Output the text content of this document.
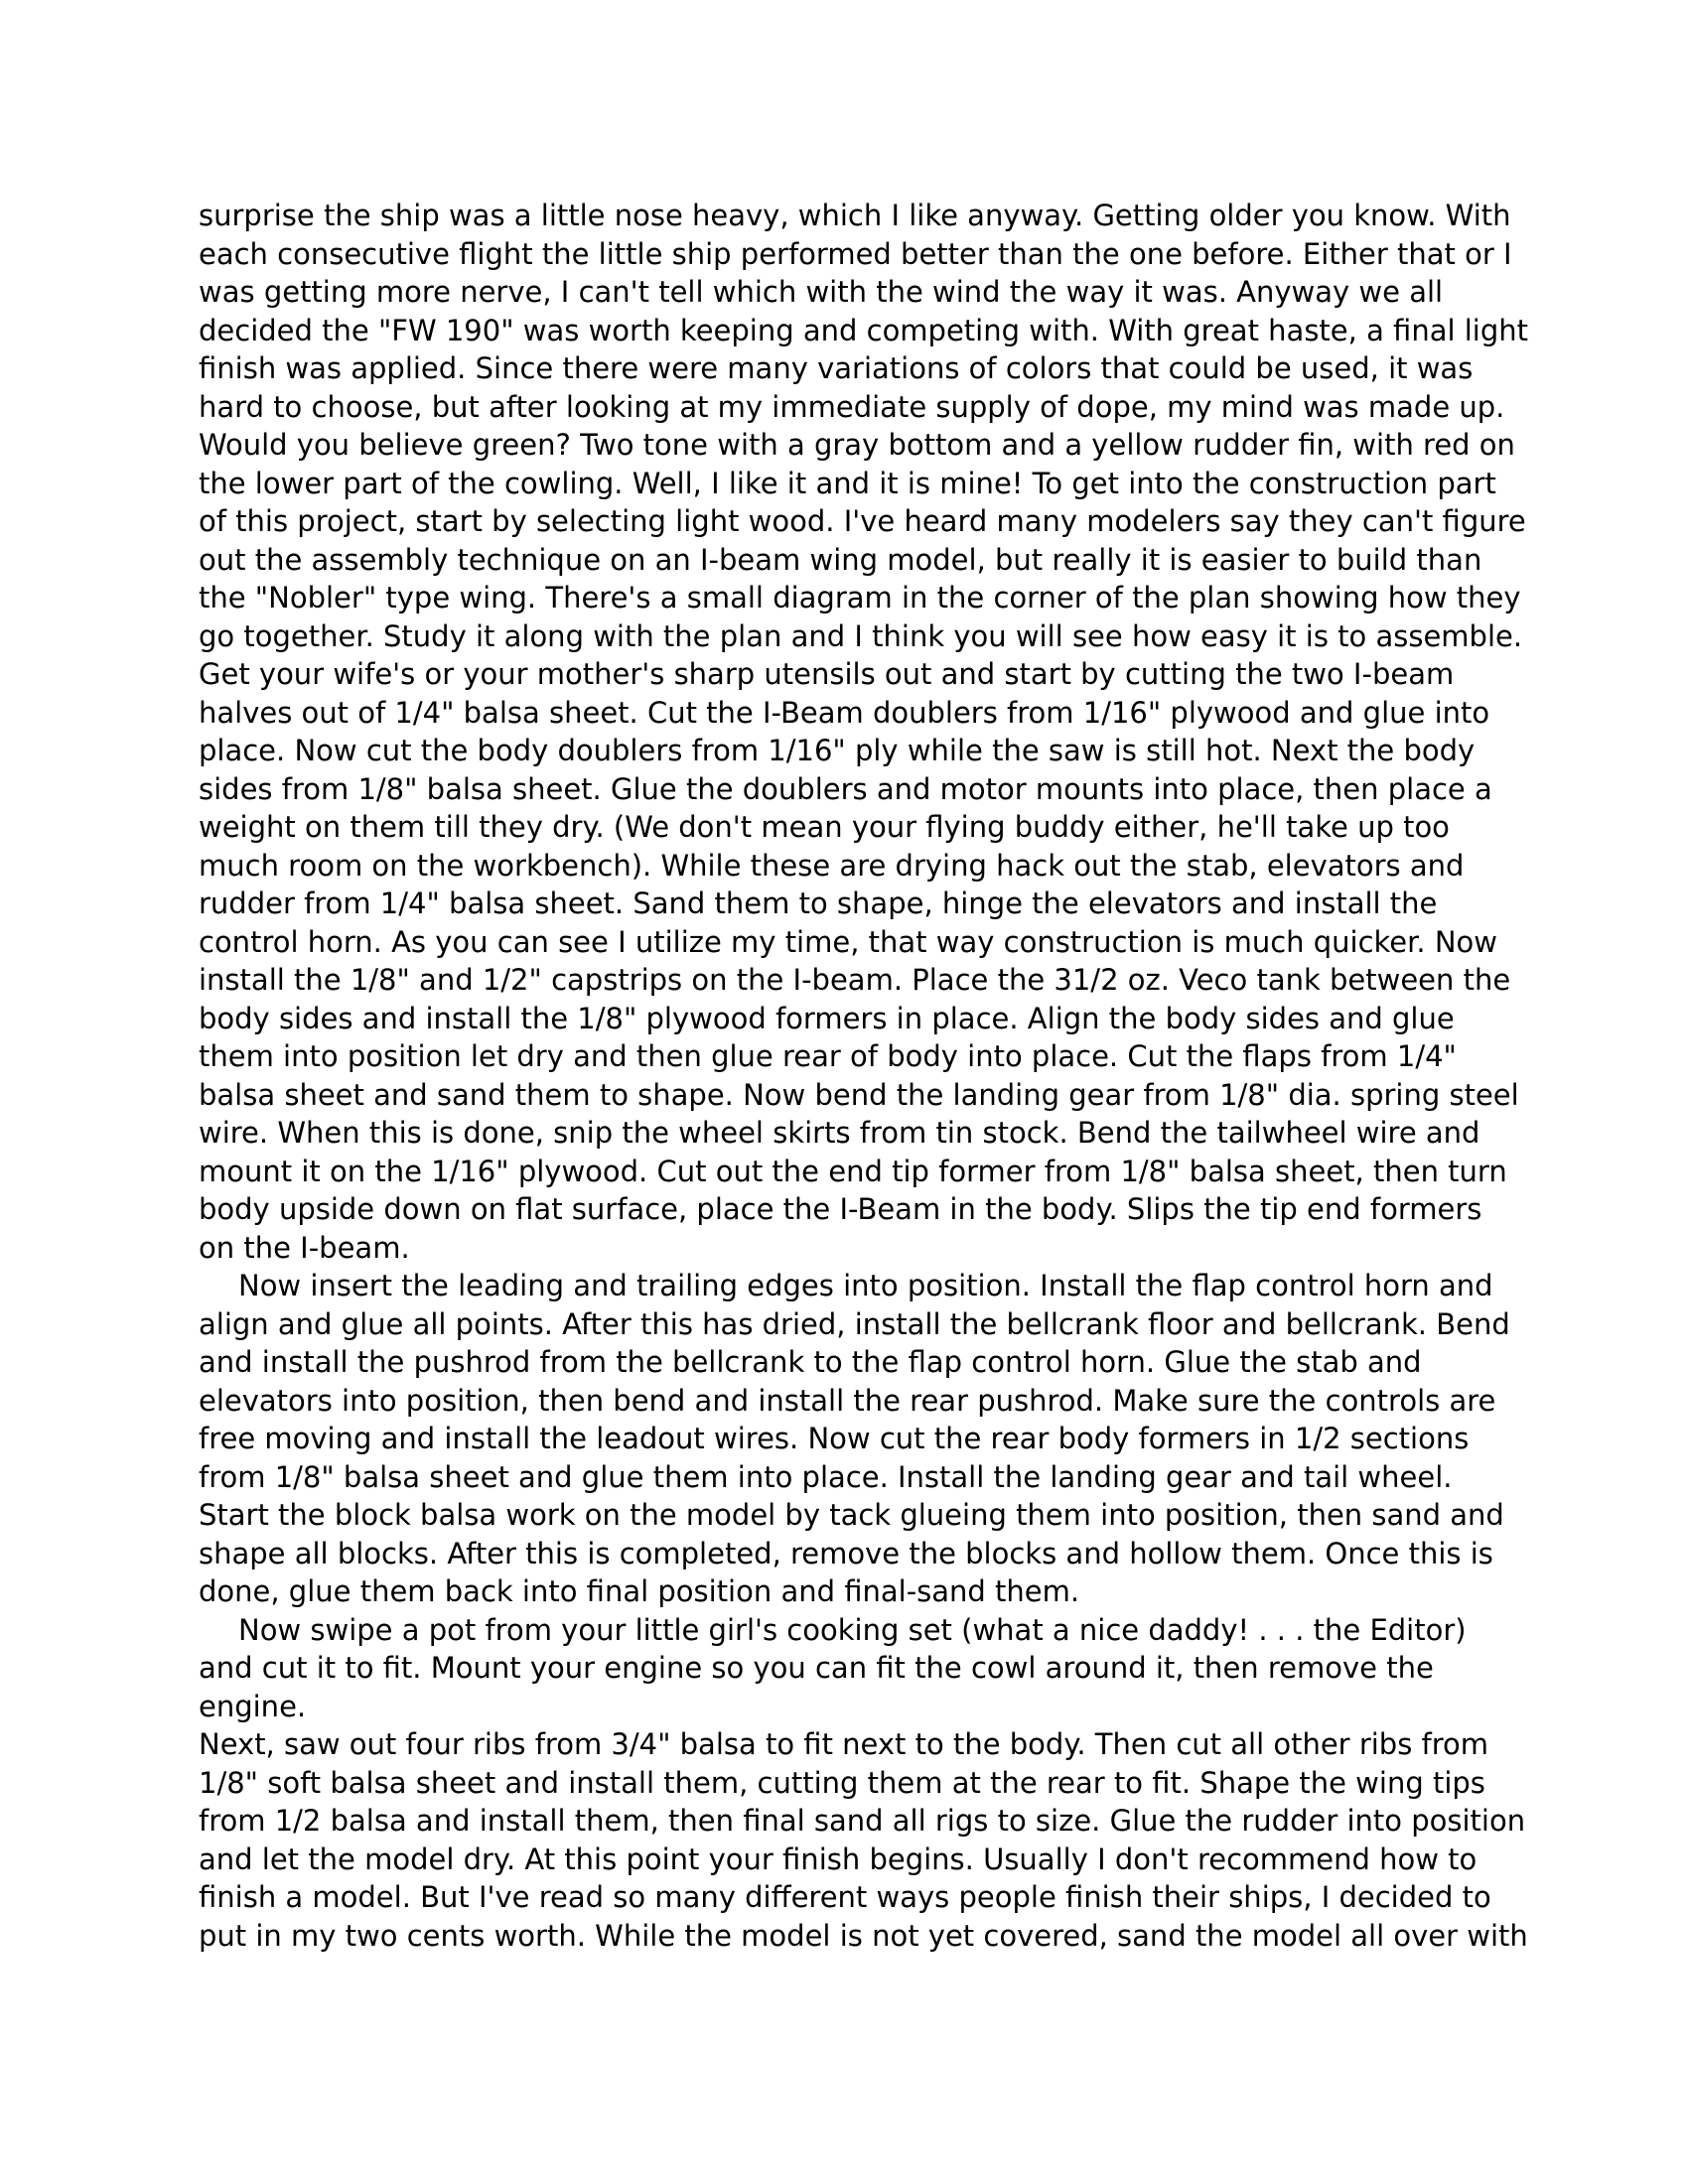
surprise the ship was a little nose heavy, which I like anyway. Getting older you know. With
each consecutive flight the little ship performed better than the one before. Either that or I
was getting more nerve, I can't tell which with the wind the way it was. Anyway we all
decided the "FW 190" was worth keeping and competing with. With great haste, a final light
finish was applied. Since there were many variations of colors that could be used, it was
hard to choose, but after looking at my immediate supply of dope, my mind was made up.
Would you believe green? Two tone with a gray bottom and a yellow rudder fin, with red on
the lower part of the cowling. Well, I like it and it is mine! To get into the construction part
of this project, start by selecting light wood. I've heard many modelers say they can't figure
out the assembly technique on an I-beam wing model, but really it is easier to build than
the "Nobler" type wing. There's a small diagram in the corner of the plan showing how they
go together. Study it along with the plan and I think you will see how easy it is to assemble.
Get your wife's or your mother's sharp utensils out and start by cutting the two I-beam
halves out of 1/4" balsa sheet. Cut the I-Beam doublers from 1/16" plywood and glue into
place. Now cut the body doublers from 1/16" ply while the saw is still hot. Next the body
sides from 1/8" balsa sheet. Glue the doublers and motor mounts into place, then place a
weight on them till they dry. (We don't mean your flying buddy either, he'll take up too
much room on the workbench). While these are drying hack out the stab, elevators and
rudder from 1/4" balsa sheet. Sand them to shape, hinge the elevators and install the
control horn. As you can see I utilize my time, that way construction is much quicker. Now
install the 1/8" and 1/2" capstrips on the I-beam. Place the 31/2 oz. Veco tank between the
body sides and install the 1/8" plywood formers in place. Align the body sides and glue
them into position let dry and then glue rear of body into place. Cut the flaps from 1/4"
balsa sheet and sand them to shape. Now bend the landing gear from 1/8" dia. spring steel
wire. When this is done, snip the wheel skirts from tin stock. Bend the tailwheel wire and
mount it on the 1/16" plywood. Cut out the end tip former from 1/8" balsa sheet, then turn
body upside down on flat surface, place the I-Beam in the body. Slips the tip end formers
on the I-beam.
Now insert the leading and trailing edges into position. Install the flap control horn and
align and glue all points. After this has dried, install the bellcrank floor and bellcrank. Bend
and install the pushrod from the bellcrank to the flap control horn. Glue the stab and
elevators into position, then bend and install the rear pushrod. Make sure the controls are
free moving and install the leadout wires. Now cut the rear body formers in 1/2 sections
from 1/8" balsa sheet and glue them into place. Install the landing gear and tail wheel.
Start the block balsa work on the model by tack glueing them into position, then sand and
shape all blocks. After this is completed, remove the blocks and hollow them. Once this is
done, glue them back into final position and final-sand them.
Now swipe a pot from your little girl's cooking set (what a nice daddy! . . . the Editor)
and cut it to fit. Mount your engine so you can fit the cowl around it, then remove the
engine.
Next, saw out four ribs from 3/4" balsa to fit next to the body. Then cut all other ribs from
1/8" soft balsa sheet and install them, cutting them at the rear to fit. Shape the wing tips
from 1/2 balsa and install them, then final sand all rigs to size. Glue the rudder into position
and let the model dry. At this point your finish begins. Usually I don't recommend how to
finish a model. But I've read so many different ways people finish their ships, I decided to
put in my two cents worth. While the model is not yet covered, sand the model all over with
